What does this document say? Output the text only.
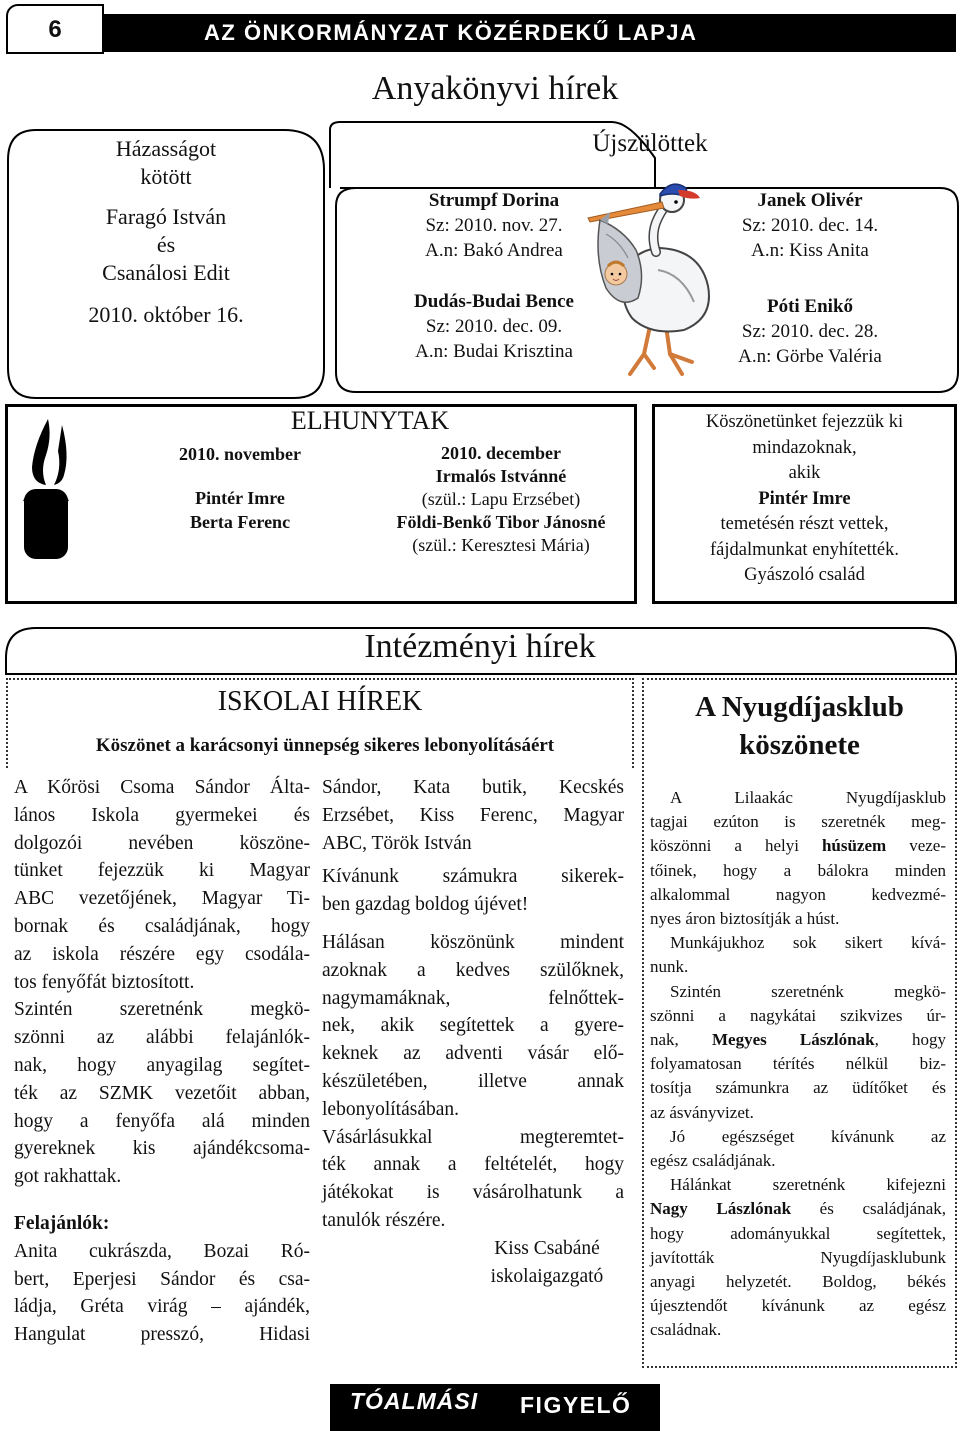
AZ ÖNKORMÁNYZAT KÖZÉRDEKŰ LAPJA
6
Anyakönyvi hírek
Házasságot
kötött
Faragó István
és
Csanálosi Edit
2010. október 16.
Újszülöttek
Strumpf Dorina
Sz: 2010. nov. 27.
A.n: Bakó Andrea
Dudás-Budai Bence
Sz: 2010. dec. 09.
A.n: Budai Krisztina
Janek Olivér
Sz: 2010. dec. 14.
A.n: Kiss Anita
Póti Enikő
Sz: 2010. dec. 28.
A.n: Görbe Valéria
ELHUNYTAK
2010. november
Pintér Imre
Berta Ferenc
2010. december
Irmalós Istvánné
(szül.: Lapu Erzsébet)
Földi-Benkő Tibor Jánosné
(szül.: Keresztesi Mária)
Köszönetünket fejezzük ki
mindazoknak,
akik
Pintér Imre
temetésén részt vettek,
fájdalmunkat enyhítették.
Gyászoló család
Intézményi hírek
ISKOLAI HÍREK
Köszönet a karácsonyi ünnepség sikeres lebonyolításáért
A Kőrösi Csoma Sándor Álta-
lános Iskola gyermekei és
dolgozói nevében köszöne-
tünket fejezzük ki Magyar
ABC vezetőjének, Magyar Ti-
bornak és családjának, hogy
az iskola részére egy csodála-
tos fenyőfát biztosított.
Szintén szeretnénk megkö-
szönni az alábbi felajánlók-
nak, hogy anyagilag segítet-
ték az SZMK vezetőit abban,
hogy a fenyőfa alá minden
gyereknek kis ajándékcsoma-
got rakhattak.
Felajánlók:
Anita cukrászda, Bozai Ró-
bert, Eperjesi Sándor és csa-
ládja, Gréta virág – ajándék,
Hangulat presszó, Hidasi
Sándor, Kata butik, Kecskés
Erzsébet, Kiss Ferenc, Magyar
ABC, Török István
Kívánunk számukra sikerek-
ben gazdag boldog újévet!
Hálásan köszönünk mindent
azoknak a kedves szülőknek,
nagymamáknak, felnőttek-
nek, akik segítettek a gyere-
keknek az adventi vásár elő-
készületében, illetve annak
lebonyolításában.
Vásárlásukkal megteremtet-
ték annak a feltételét, hogy
játékokat is vásárolhatunk a
tanulók részére.
Kiss Csabáné
iskolaigazgató
A Nyugdíjasklub
köszönete
A Lilaakác Nyugdíjasklub
tagjai ezúton is szeretnék meg-
köszönni a helyi húsüzem veze-
tőinek, hogy a bálokra minden
alkalommal nagyon kedvezmé-
nyes áron biztosítják a húst.
Munkájukhoz sok sikert kívá-
nunk.
Szintén szeretnénk megkö-
szönni a nagykátai szikvizes úr-
nak, Megyes Lászlónak, hogy
folyamatosan térítés nélkül biz-
tosítja számunkra az üdítőket és
az ásványvizet.
Jó egészséget kívánunk az
egész családjának.
Hálánkat szeretnénk kifejezni
Nagy Lászlónak és családjának,
hogy adományukkal segítettek,
javították Nyugdíjasklubunk
anyagi helyzetét. Boldog, békés
újesztendőt kívánunk az egész
családnak.
TÓALMÁSI FIGYELŐ
